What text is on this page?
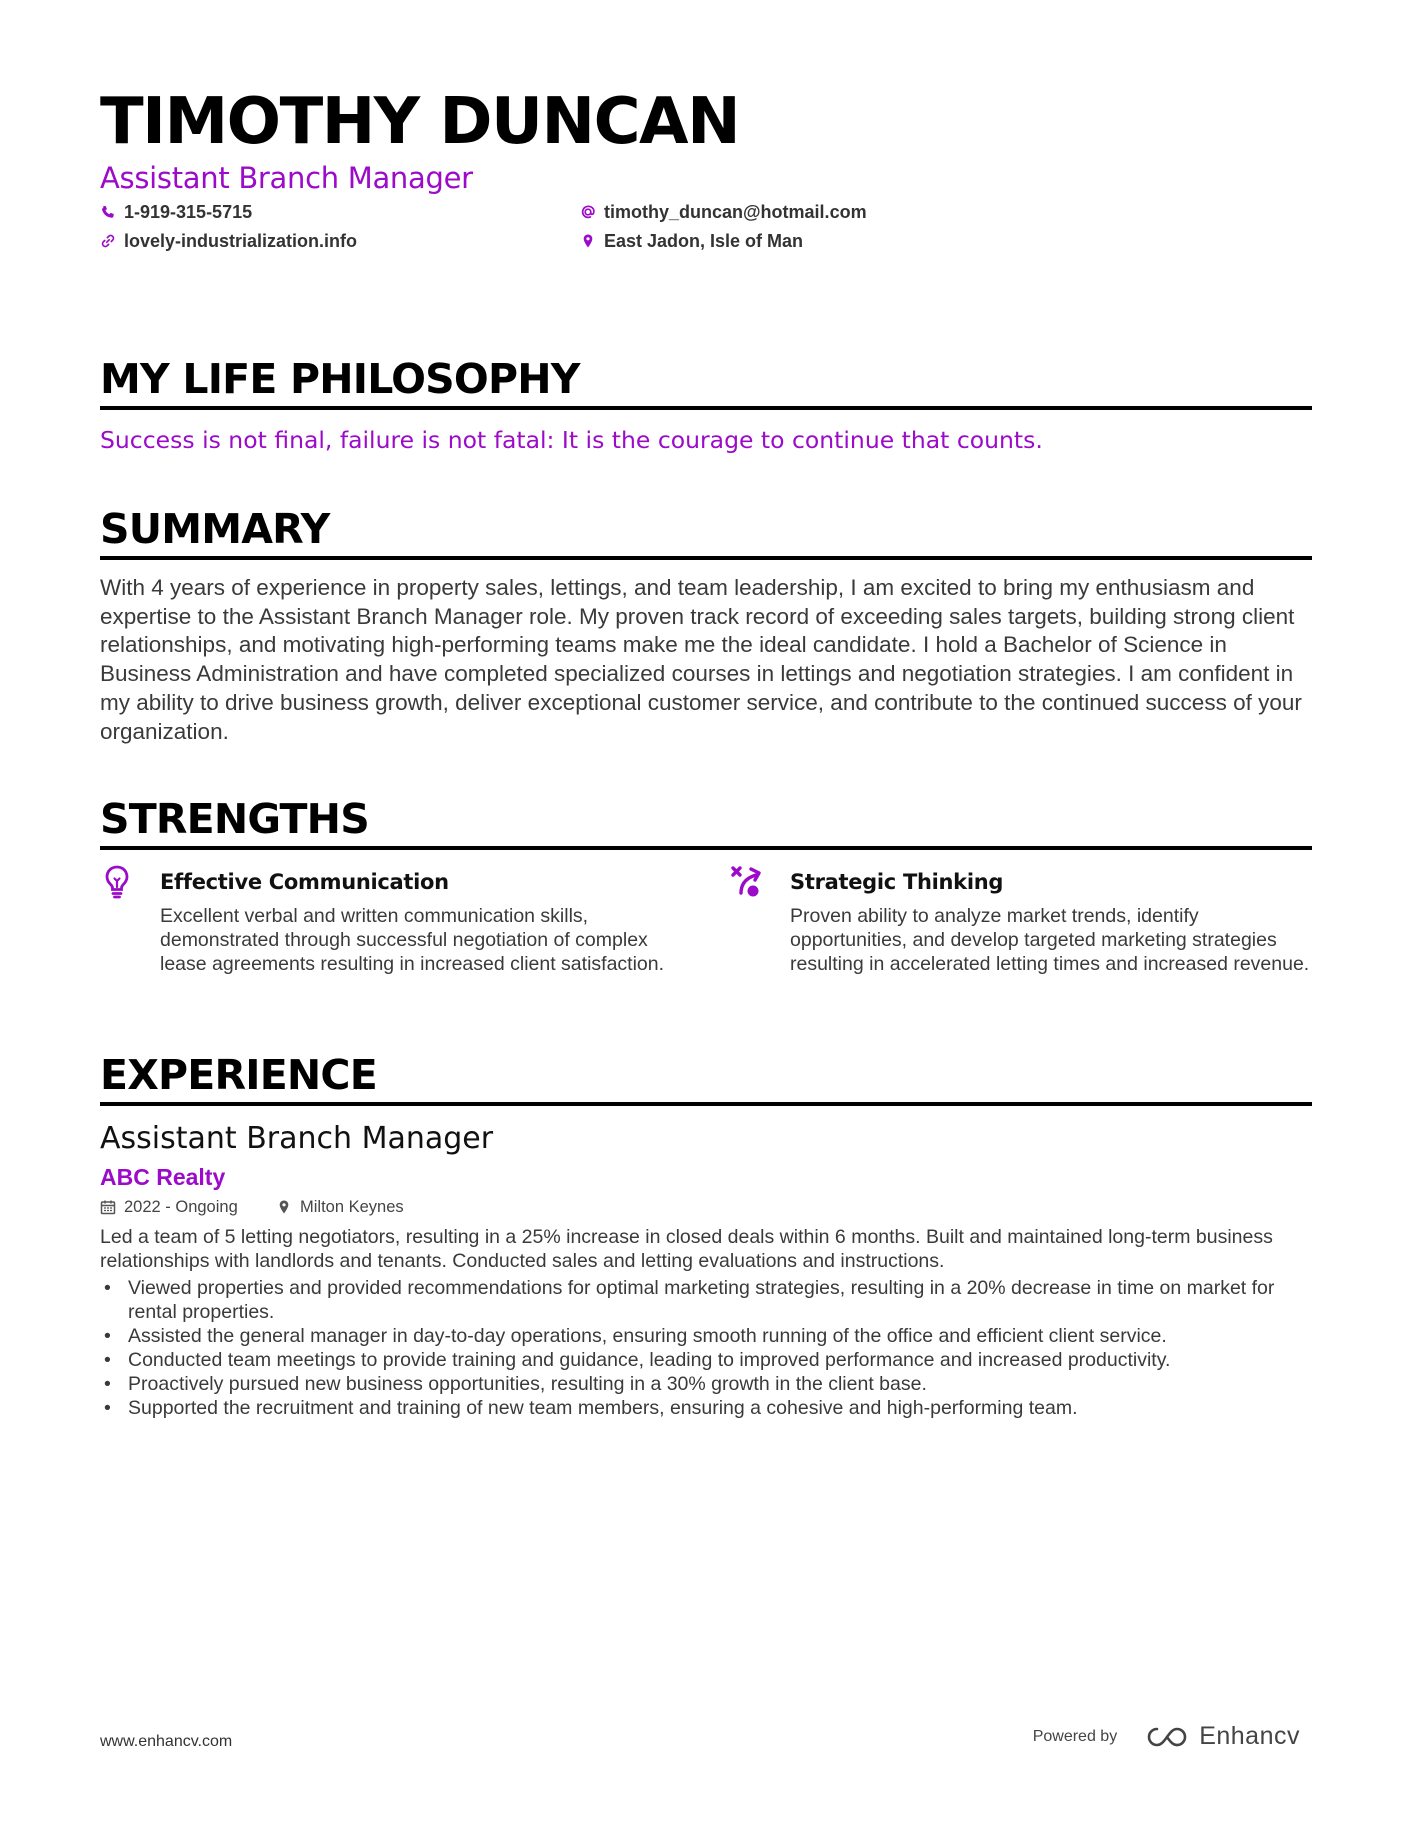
TIMOTHY DUNCAN
Assistant Branch Manager
1-919-315-5715	timothy_duncan@hotmail.com
lovely-industrialization.info	East Jadon, Isle of Man
MY LIFE PHILOSOPHY
Success is not final, failure is not fatal: It is the courage to continue that counts.
SUMMARY
With 4 years of experience in property sales, lettings, and team leadership, I am excited to bring my enthusiasm and expertise to the Assistant Branch Manager role. My proven track record of exceeding sales targets, building strong client relationships, and motivating high-performing teams make me the ideal candidate. I hold a Bachelor of Science in Business Administration and have completed specialized courses in lettings and negotiation strategies. I am confident in my ability to drive business growth, deliver exceptional customer service, and contribute to the continued success of your organization.
STRENGTHS
Effective Communication
Excellent verbal and written communication skills, demonstrated through successful negotiation of complex lease agreements resulting in increased client satisfaction.
Strategic Thinking
Proven ability to analyze market trends, identify opportunities, and develop targeted marketing strategies resulting in accelerated letting times and increased revenue.
EXPERIENCE
Assistant Branch Manager
ABC Realty
2022 - Ongoing	Milton Keynes
Led a team of 5 letting negotiators, resulting in a 25% increase in closed deals within 6 months. Built and maintained long-term business relationships with landlords and tenants. Conducted sales and letting evaluations and instructions.
• Viewed properties and provided recommendations for optimal marketing strategies, resulting in a 20% decrease in time on market for rental properties.
• Assisted the general manager in day-to-day operations, ensuring smooth running of the office and efficient client service.
• Conducted team meetings to provide training and guidance, leading to improved performance and increased productivity.
• Proactively pursued new business opportunities, resulting in a 30% growth in the client base.
• Supported the recruitment and training of new team members, ensuring a cohesive and high-performing team.
www.enhancv.com	Powered by	Enhancv
